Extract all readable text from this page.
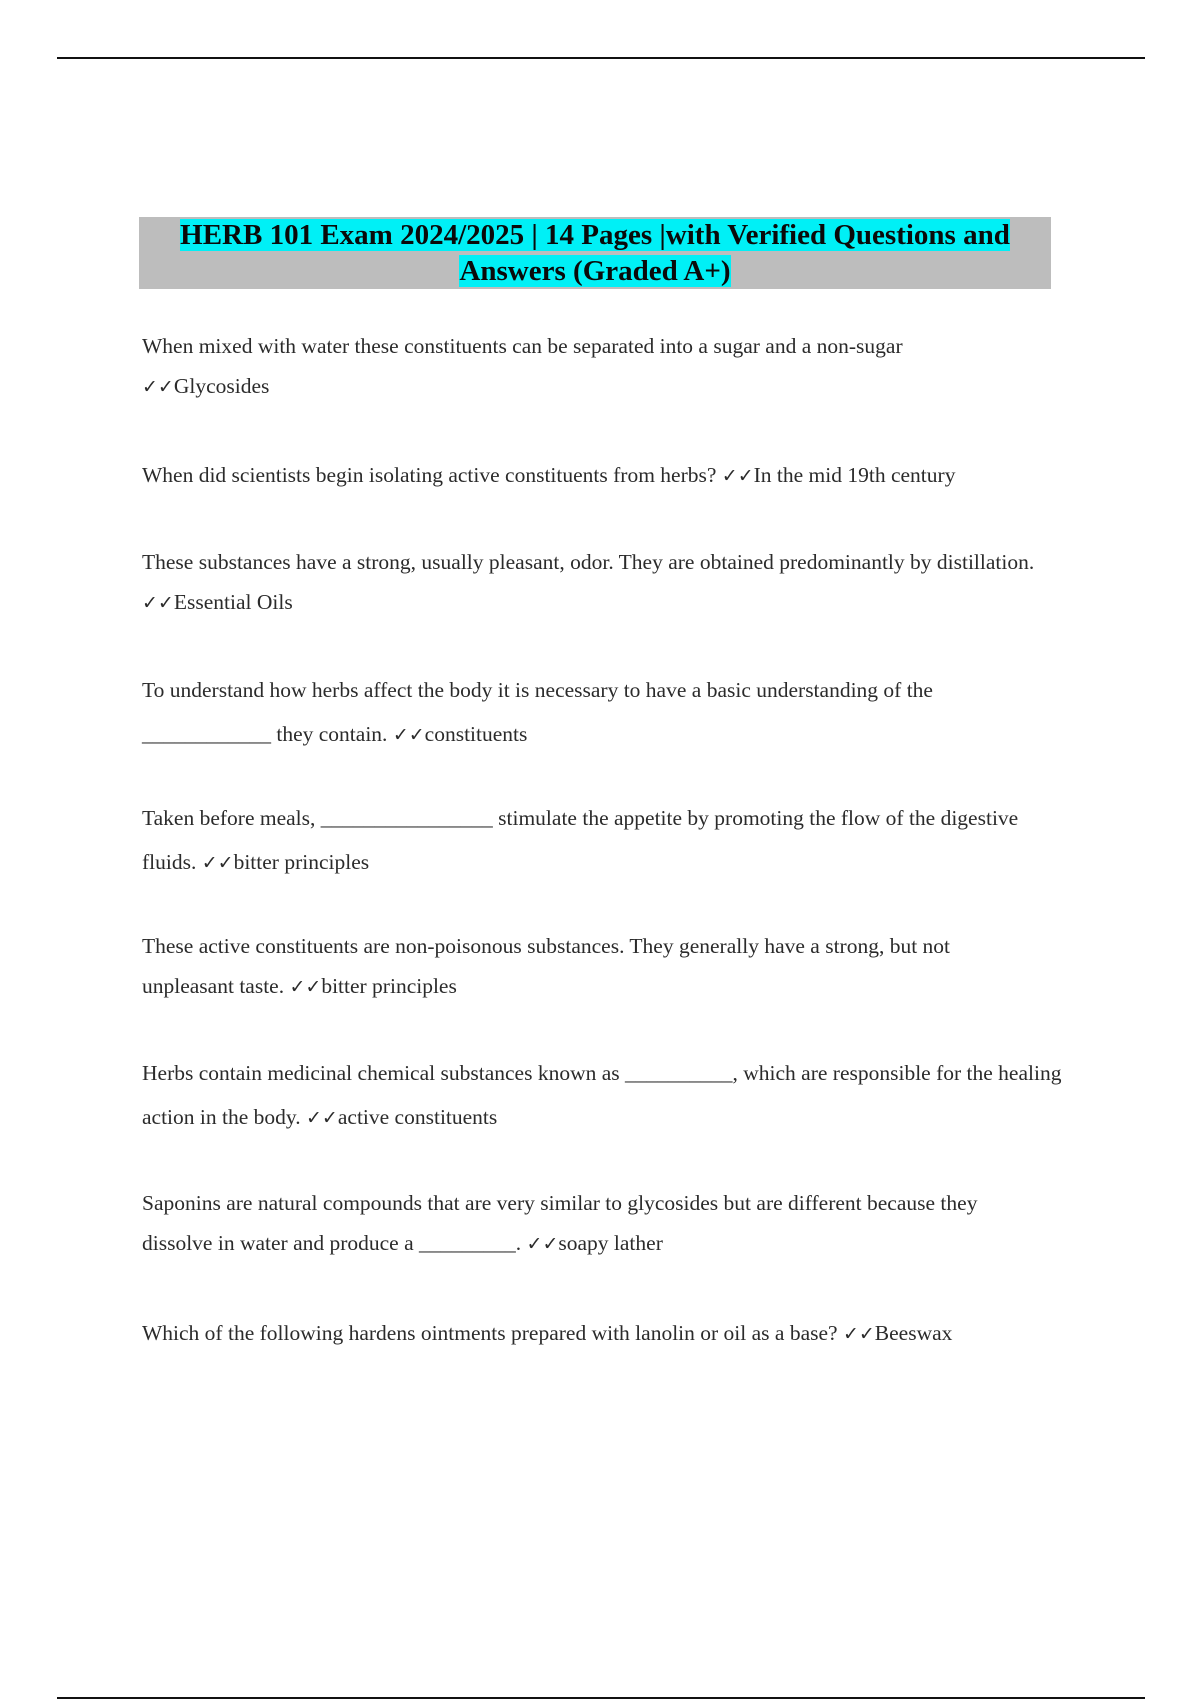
HERB 101 Exam 2024/2025 | 14 Pages |with Verified Questions and
Answers (Graded A+)

When mixed with water these constituents can be separated into a sugar and a non-sugar ✓✓Glycosides

When did scientists begin isolating active constituents from herbs? ✓✓In the mid 19th century

These substances have a strong, usually pleasant, odor. They are obtained predominantly by distillation. ✓✓Essential Oils

To understand how herbs affect the body it is necessary to have a basic understanding of the ____________ they contain. ✓✓constituents

Taken before meals, ________________ stimulate the appetite by promoting the flow of the digestive fluids. ✓✓bitter principles

These active constituents are non-poisonous substances. They generally have a strong, but not unpleasant taste. ✓✓bitter principles

Herbs contain medicinal chemical substances known as __________, which are responsible for the healing action in the body. ✓✓active constituents

Saponins are natural compounds that are very similar to glycosides but are different because they dissolve in water and produce a _________. ✓✓soapy lather

Which of the following hardens ointments prepared with lanolin or oil as a base? ✓✓Beeswax
